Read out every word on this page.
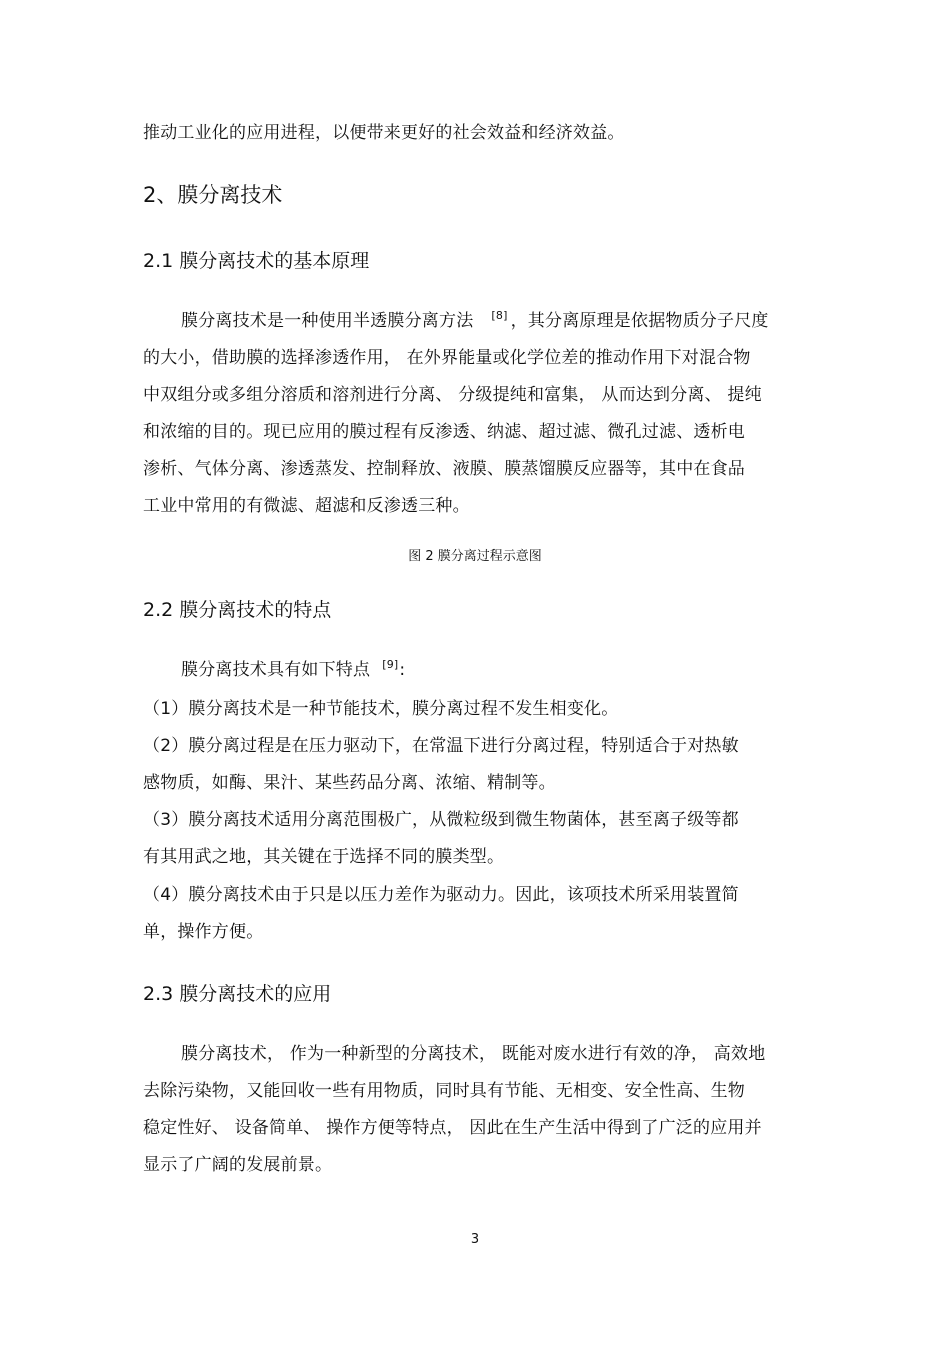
推动工业化的应用进程，以便带来更好的社会效益和经济效益。
2、膜分离技术
2.1 膜分离技术的基本原理
膜分离技术是一种使用半透膜分离方法 [8] ，其分离原理是依据物质分子尺度
的大小，借助膜的选择渗透作用， 在外界能量或化学位差的推动作用下对混合物
中双组分或多组分溶质和溶剂进行分离、 分级提纯和富集， 从而达到分离、 提纯
和浓缩的目的。现已应用的膜过程有反渗透、纳滤、超过滤、微孔过滤、透析电
渗析、气体分离、渗透蒸发、控制释放、液膜、膜蒸馏膜反应器等，其中在食品
工业中常用的有微滤、超滤和反渗透三种。
图 2 膜分离过程示意图
2.2 膜分离技术的特点
膜分离技术具有如下特点 [9]:
（1）膜分离技术是一种节能技术，膜分离过程不发生相变化。
（2）膜分离过程是在压力驱动下，在常温下进行分离过程，特别适合于对热敏
感物质，如酶、果汁、某些药品分离、浓缩、精制等。
（3）膜分离技术适用分离范围极广，从微粒级到微生物菌体，甚至离子级等都
有其用武之地，其关键在于选择不同的膜类型。
（4）膜分离技术由于只是以压力差作为驱动力。因此，该项技术所采用装置简
单，操作方便。
2.3 膜分离技术的应用
膜分离技术， 作为一种新型的分离技术， 既能对废水进行有效的净， 高效地
去除污染物，又能回收一些有用物质，同时具有节能、无相变、安全性高、生物
稳定性好、 设备简单、 操作方便等特点， 因此在生产生活中得到了广泛的应用并
显示了广阔的发展前景。
3
